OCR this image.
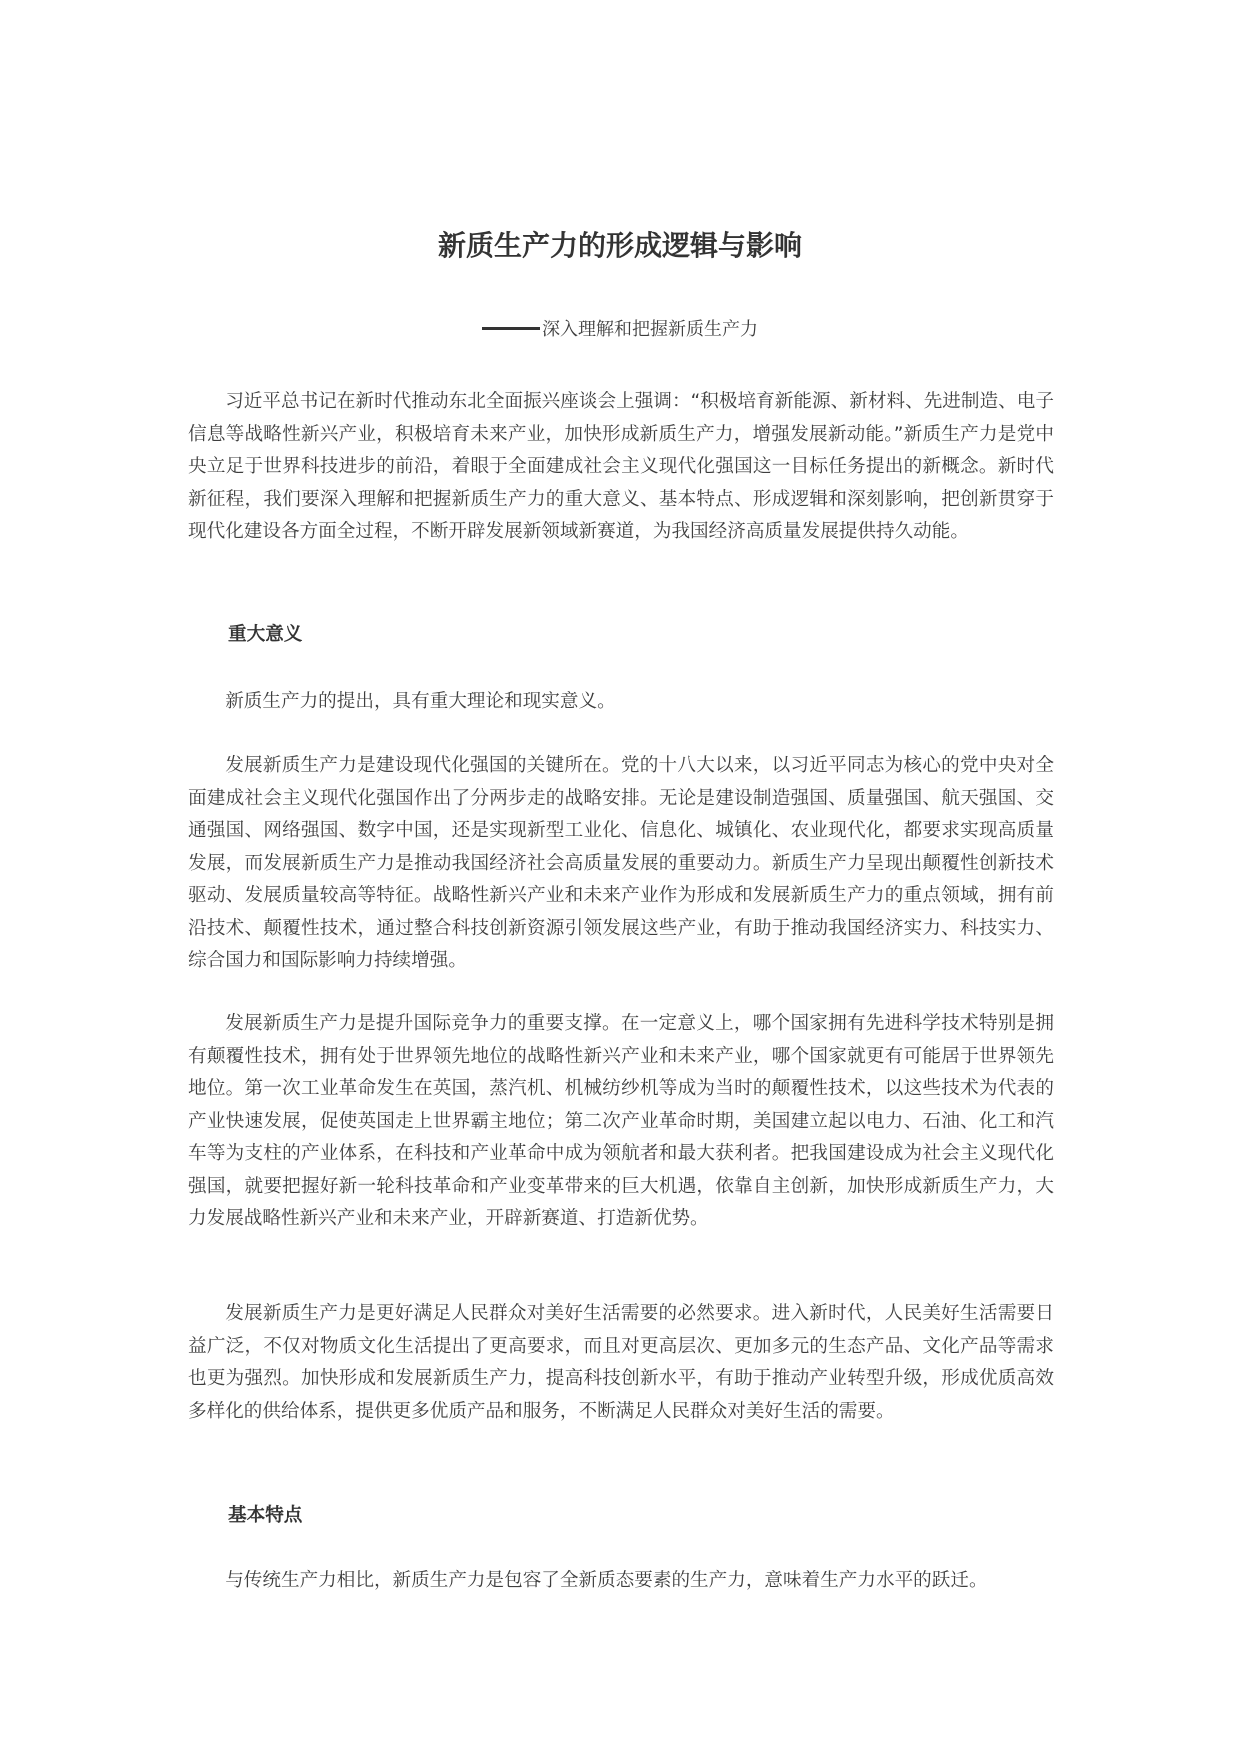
新质生产力的形成逻辑与影响
深入理解和把握新质生产力

习近平总书记在新时代推动东北全面振兴座谈会上强调：“积极培育新能源、新材料、先进制造、电子信息等战略性新兴产业，积极培育未来产业，加快形成新质生产力，增强发展新动能。”新质生产力是党中央立足于世界科技进步的前沿，着眼于全面建成社会主义现代化强国这一目标任务提出的新概念。新时代新征程，我们要深入理解和把握新质生产力的重大意义、基本特点、形成逻辑和深刻影响，把创新贯穿于现代化建设各方面全过程，不断开辟发展新领域新赛道，为我国经济高质量发展提供持久动能。

重大意义

新质生产力的提出，具有重大理论和现实意义。

发展新质生产力是建设现代化强国的关键所在。党的十八大以来，以习近平同志为核心的党中央对全面建成社会主义现代化强国作出了分两步走的战略安排。无论是建设制造强国、质量强国、航天强国、交通强国、网络强国、数字中国，还是实现新型工业化、信息化、城镇化、农业现代化，都要求实现高质量发展，而发展新质生产力是推动我国经济社会高质量发展的重要动力。新质生产力呈现出颠覆性创新技术驱动、发展质量较高等特征。战略性新兴产业和未来产业作为形成和发展新质生产力的重点领域，拥有前沿技术、颠覆性技术，通过整合科技创新资源引领发展这些产业，有助于推动我国经济实力、科技实力、综合国力和国际影响力持续增强。

发展新质生产力是提升国际竞争力的重要支撑。在一定意义上，哪个国家拥有先进科学技术特别是拥有颠覆性技术，拥有处于世界领先地位的战略性新兴产业和未来产业，哪个国家就更有可能居于世界领先地位。第一次工业革命发生在英国，蒸汽机、机械纺纱机等成为当时的颠覆性技术，以这些技术为代表的产业快速发展，促使英国走上世界霸主地位；第二次产业革命时期，美国建立起以电力、石油、化工和汽车等为支柱的产业体系，在科技和产业革命中成为领航者和最大获利者。把我国建设成为社会主义现代化强国，就要把握好新一轮科技革命和产业变革带来的巨大机遇，依靠自主创新，加快形成新质生产力，大力发展战略性新兴产业和未来产业，开辟新赛道、打造新优势。

发展新质生产力是更好满足人民群众对美好生活需要的必然要求。进入新时代，人民美好生活需要日益广泛，不仅对物质文化生活提出了更高要求，而且对更高层次、更加多元的生态产品、文化产品等需求也更为强烈。加快形成和发展新质生产力，提高科技创新水平，有助于推动产业转型升级，形成优质高效多样化的供给体系，提供更多优质产品和服务，不断满足人民群众对美好生活的需要。

基本特点

与传统生产力相比，新质生产力是包容了全新质态要素的生产力，意味着生产力水平的跃迁。
